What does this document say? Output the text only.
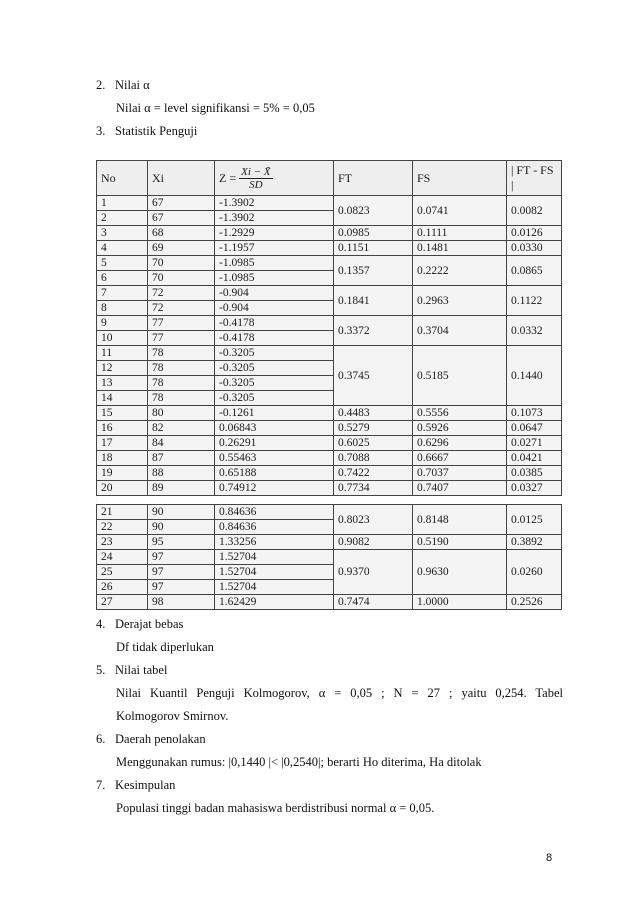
2. Nilai α
Nilai α = level signifikansi = 5% = 0,05
3. Statistik Penguji
No	Xi	$Z = \frac{Xi - X̄}{SD}$	FT	FS	| FT - FS |
1	67	-1.3902	0.0823	0.0741	0.0082
2	67	-1.3902			
3	68	-1.2929	0.0985	0.1111	0.0126
4	69	-1.1957	0.1151	0.1481	0.0330
5	70	-1.0985	0.1357	0.2222	0.0865
6	70	-1.0985			
7	72	-0.904	0.1841	0.2963	0.1122
8	72	-0.904			
9	77	-0.4178	0.3372	0.3704	0.0332
10	77	-0.4178			
11	78	-0.3205	0.3745	0.5185	0.1440
12	78	-0.3205			
13	78	-0.3205			
14	78	-0.3205			
15	80	-0.1261	0.4483	0.5556	0.1073
16	82	0.06843	0.5279	0.5926	0.0647
17	84	0.26291	0.6025	0.6296	0.0271
18	87	0.55463	0.7088	0.6667	0.0421
19	88	0.65188	0.7422	0.7037	0.0385
20	89	0.74912	0.7734	0.7407	0.0327

21	90	0.84636	0.8023	0.8148	0.0125
22	90	0.84636			
23	95	1.33256	0.9082	0.5190	0.3892
24	97	1.52704	0.9370	0.9630	0.0260
25	97	1.52704			
26	97	1.52704			
27	98	1.62429	0.7474	1.0000	0.2526
4. Derajat bebas
Df tidak diperlukan
5. Nilai tabel
Nilai Kuantil Penguji Kolmogorov, α = 0,05 ; N = 27 ; yaitu 0,254. Tabel
Kolmogorov Smirnov.
6. Daerah penolakan
Menggunakan rumus: |0,1440 |< |0,2540|; berarti Ho diterima, Ha ditolak
7. Kesimpulan
Populasi tinggi badan mahasiswa berdistribusi normal α = 0,05.
8
